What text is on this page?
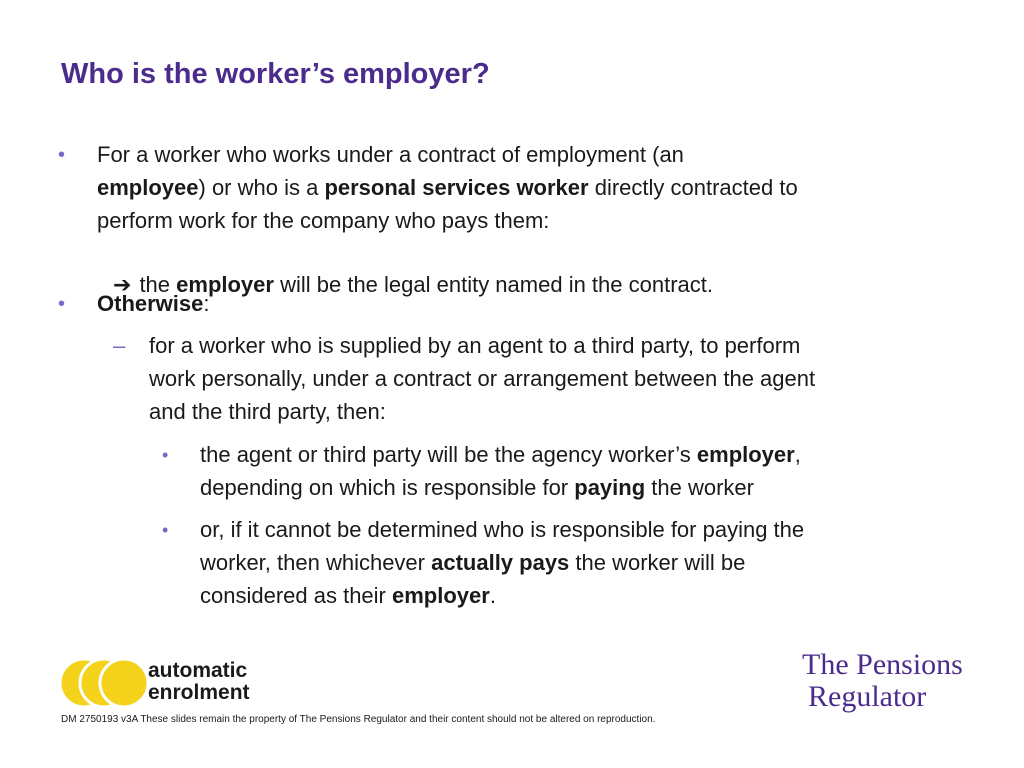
Who is the worker’s employer?
• For a worker who works under a contract of employment (an

employee) or who is a personal services worker directly contracted to

perform work for the company who pays them:

➔ the employer will be the legal entity named in the contract.

• Otherwise:

– for a worker who is supplied by an agent to a third party, to perform

work personally, under a contract or arrangement between the agent

and the third party, then:

• the agent or third party will be the agency worker’s employer,

depending on which is responsible for paying the worker

• or, if it cannot be determined who is responsible for paying the

worker, then whichever actually pays the worker will be

considered as their employer.

automatic
enrolment
The Pensions
Regulator
DM 2750193 v3A These slides remain the property of The Pensions Regulator and their content should not be altered on reproduction.
